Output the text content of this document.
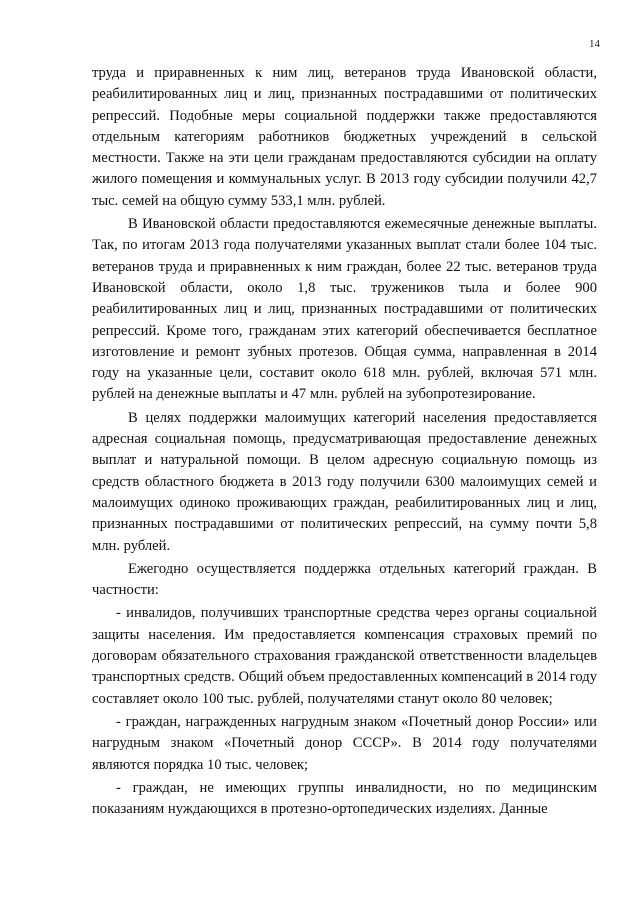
14

труда и приравненных к ним лиц, ветеранов труда Ивановской области, реабилитированных лиц и лиц, признанных пострадавшими от политических репрессий. Подобные меры социальной поддержки также предоставляются отдельным категориям работников бюджетных учреждений в сельской местности. Также на эти цели гражданам предоставляются субсидии на оплату жилого помещения и коммунальных услуг. В 2013 году субсидии получили 42,7 тыс. семей на общую сумму 533,1 млн. рублей.

В Ивановской области предоставляются ежемесячные денежные выплаты. Так, по итогам 2013 года получателями указанных выплат стали более 104 тыс. ветеранов труда и приравненных к ним граждан, более 22 тыс. ветеранов труда Ивановской области, около 1,8 тыс. тружеников тыла и более 900 реабилитированных лиц и лиц, признанных пострадавшими от политических репрессий. Кроме того, гражданам этих категорий обеспечивается бесплатное изготовление и ремонт зубных протезов. Общая сумма, направленная в 2014 году на указанные цели, составит около 618 млн. рублей, включая 571 млн. рублей на денежные выплаты и 47 млн. рублей на зубопротезирование.

В целях поддержки малоимущих категорий населения предоставляется адресная социальная помощь, предусматривающая предоставление денежных выплат и натуральной помощи. В целом адресную социальную помощь из средств областного бюджета в 2013 году получили 6300 малоимущих семей и малоимущих одиноко проживающих граждан, реабилитированных лиц и лиц, признанных пострадавшими от политических репрессий, на сумму почти 5,8 млн. рублей.

Ежегодно осуществляется поддержка отдельных категорий граждан. В частности:

- инвалидов, получивших транспортные средства через органы социальной защиты населения. Им предоставляется компенсация страховых премий по договорам обязательного страхования гражданской ответственности владельцев транспортных средств. Общий объем предоставленных компенсаций в 2014 году составляет около 100 тыс. рублей, получателями станут около 80 человек;

- граждан, награжденных нагрудным знаком «Почетный донор России» или нагрудным знаком «Почетный донор СССР». В 2014 году получателями являются порядка 10 тыс. человек;

- граждан, не имеющих группы инвалидности, но по медицинским показаниям нуждающихся в протезно-ортопедических изделиях. Данные
